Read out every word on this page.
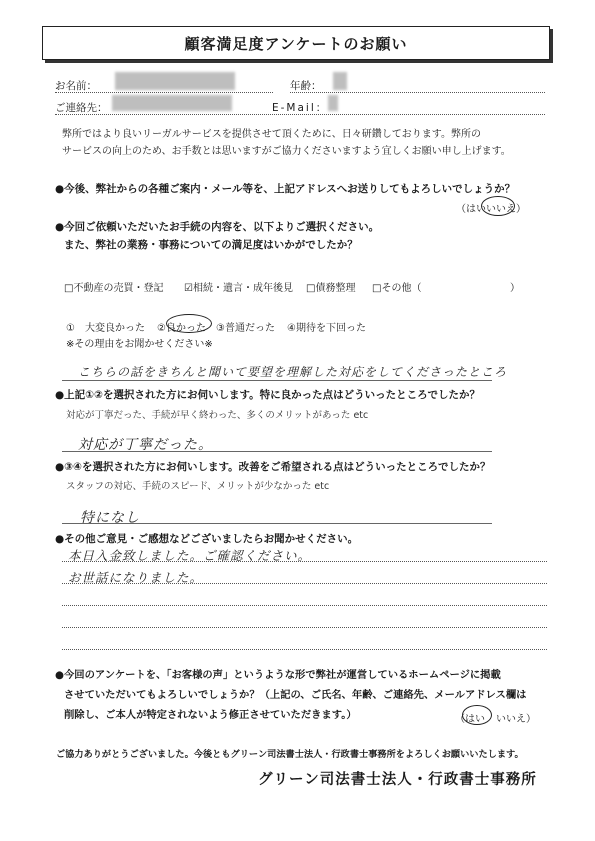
顧客満足度アンケートのお願い
お名前：	年齢：
ご連絡先：	E-Mail：
弊所ではより良いリーガルサービスを提供させて頂くために、日々研鑽しております。弊所の
サービスの向上のため、お手数とは思いますがご協力くださいますよう宜しくお願い申し上げます。
●今後、弊社からの各種ご案内・メール等を、上記アドレスへお送りしてもよろしいでしょうか？
（はい いいえ）
●今回ご依頼いただいたお手続の内容を、以下よりご選択ください。
また、弊社の業務・事務についての満足度はいかがでしたか？
□不動産の売買・登記 ☑相続・遺言・成年後見 □債務整理 □その他（	）
①　大変良かった ②良かった ③普通だった ④期待を下回った
※その理由をお聞かせください※
こちらの話をきちんと聞いて要望を理解した対応をしてくださったところ
●上記①②を選択された方にお伺いします。特に良かった点はどういったところでしたか？
対応が丁寧だった、手続が早く終わった、多くのメリットがあった etc
対応が丁寧だった。
●③④を選択された方にお伺いします。改善をご希望される点はどういったところでしたか？
スタッフの対応、手続のスピード、メリットが少なかった etc
特になし
●その他ご意見・ご感想などございましたらお聞かせください。
本日入金致しました。ご確認ください。
お世話になりました。
●今回のアンケートを、「お客様の声」というような形で弊社が運営しているホームページに掲載
させていただいてもよろしいでしょうか？（上記の、ご氏名、年齢、ご連絡先、メールアドレス欄は
削除し、ご本人が特定されないよう修正させていただきます。）	（はい いいえ）
ご協力ありがとうございました。今後ともグリーン司法書士法人・行政書士事務所をよろしくお願いいたします。
グリーン司法書士法人・行政書士事務所
